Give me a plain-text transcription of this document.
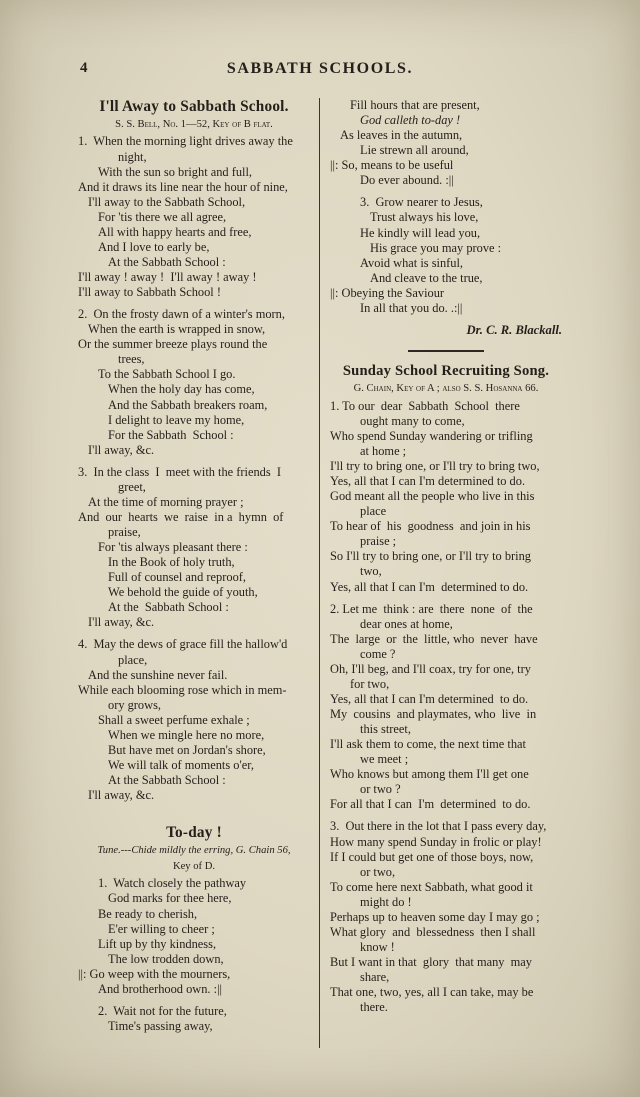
4	SABBATH SCHOOLS.
I'll Away to Sabbath School.
S. S. Bell, No. 1—52, Key of B flat.
1.  When the morning light drives away the
night,
With the sun so bright and full,
And it draws its line near the hour of nine,
I'll away to the Sabbath School,
For 'tis there we all agree,
All with happy hearts and free,
And I love to early be,
At the Sabbath School :
I'll away ! away !  I'll away ! away !
I'll away to Sabbath School !
2.  On the frosty dawn of a winter's morn,
When the earth is wrapped in snow,
Or the summer breeze plays round the
trees,
To the Sabbath School I go.
When the holy day has come,
And the Sabbath breakers roam,
I delight to leave my home,
For the Sabbath  School :
I'll away, &c.
3.  In the class  I  meet with the friends  I
greet,
At the time of morning prayer ;
And  our  hearts  we  raise  in a  hymn  of
praise,
For 'tis always pleasant there :
In the Book of holy truth,
Full of counsel and reproof,
We behold the guide of youth,
At the  Sabbath School :
I'll away, &c.
4.  May the dews of grace fill the hallow'd
place,
And the sunshine never fail.
While each blooming rose which in mem-
ory grows,
Shall a sweet perfume exhale ;
When we mingle here no more,
But have met on Jordan's shore,
We will talk of moments o'er,
At the Sabbath School :
I'll away, &c.
To-day !
Tune.---Chide mildly the erring, G. Chain 56,
Key of D.
1.  Watch closely the pathway
God marks for thee here,
Be ready to cherish,
E'er willing to cheer ;
Lift up by thy kindness,
The low trodden down,
||: Go weep with the mourners,
And brotherhood own. :||
2.  Wait not for the future,
Time's passing away,
Fill hours that are present,
God calleth to-day !
As leaves in the autumn,
Lie strewn all around,
||: So, means to be useful
Do ever abound. :||
3.  Grow nearer to Jesus,
Trust always his love,
He kindly will lead you,
His grace you may prove :
Avoid what is sinful,
And cleave to the true,
||: Obeying the Saviour
In all that you do. .:||
Dr. C. R. Blackall.
Sunday School Recruiting Song.
G. Chain, Key of A ; also S. S. Hosanna 66.
1. To our  dear  Sabbath  School  there
ought many to come,
Who spend Sunday wandering or trifling
at home ;
I'll try to bring one, or I'll try to bring two,
Yes, all that I can I'm determined to do.
God meant all the people who live in this
place
To hear of  his  goodness  and join in his
praise ;
So I'll try to bring one, or I'll try to bring
two,
Yes, all that I can I'm  determined to do.
2. Let me  think : are  there  none  of  the
dear ones at home,
The  large  or  the  little, who  never  have
come ?
Oh, I'll beg, and I'll coax, try for one, try
for two,
Yes, all that I can I'm determined  to do.
My  cousins  and playmates, who  live  in
this street,
I'll ask them to come, the next time that
we meet ;
Who knows but among them I'll get one
or two ?
For all that I can  I'm  determined  to do.
3.  Out there in the lot that I pass every day,
How many spend Sunday in frolic or play!
If I could but get one of those boys, now,
or two,
To come here next Sabbath, what good it
might do !
Perhaps up to heaven some day I may go ;
What glory  and  blessedness  then I shall
know !
But I want in that  glory  that many  may
share,
That one, two, yes, all I can take, may be
there.
